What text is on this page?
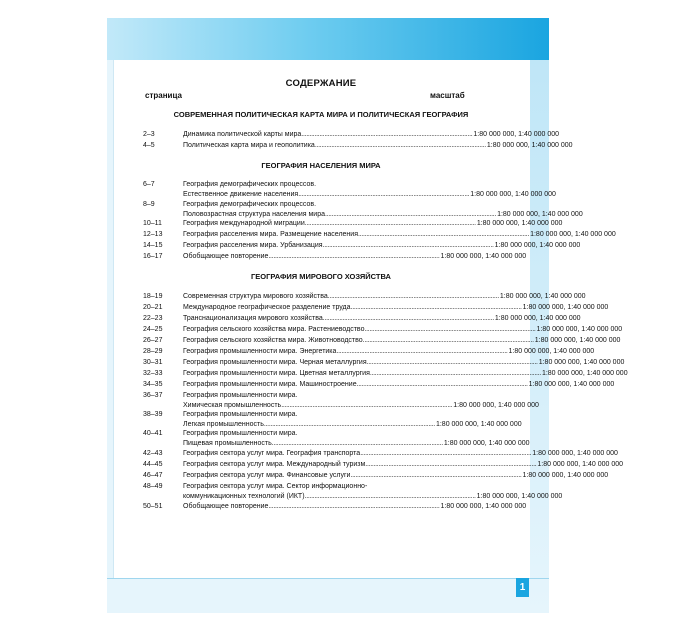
1
СОДЕРЖАНИЕ
страница	масштаб
СОВРЕМЕННАЯ ПОЛИТИЧЕСКАЯ КАРТА МИРА И ПОЛИТИЧЕСКАЯ ГЕОГРАФИЯ
2–3	Динамика политической карты мира ........................................................................................................ 1:80 000 000, 1:40 000 000
4–5	Политическая карта мира и геополитика ........................................................................................................ 1:80 000 000, 1:40 000 000
ГЕОГРАФИЯ НАСЕЛЕНИЯ МИРА
6–7	География демографических процессов.
Естественное движение населения ........................................................................................................ 1:80 000 000, 1:40 000 000
8–9	География демографических процессов.
Половозрастная структура населения мира ........................................................................................................ 1:80 000 000, 1:40 000 000
10–11	География международной миграции ........................................................................................................ 1:80 000 000, 1:40 000 000
12–13	География расселения мира. Размещение населения ........................................................................................................ 1:80 000 000, 1:40 000 000
14–15	География расселения мира. Урбанизация ........................................................................................................ 1:80 000 000, 1:40 000 000
16–17	Обобщающее повторение ........................................................................................................ 1:80 000 000, 1:40 000 000
ГЕОГРАФИЯ МИРОВОГО ХОЗЯЙСТВА
18–19	Современная структура мирового хозяйства ........................................................................................................ 1:80 000 000, 1:40 000 000
20–21	Международное географическое разделение труда ........................................................................................................ 1:80 000 000, 1:40 000 000
22–23	Транснационализация мирового хозяйства ........................................................................................................ 1:80 000 000, 1:40 000 000
24–25	География сельского хозяйства мира. Растениеводство ........................................................................................................ 1:80 000 000, 1:40 000 000
26–27	География сельского хозяйства мира. Животноводство ........................................................................................................ 1:80 000 000, 1:40 000 000
28–29	География промышленности мира. Энергетика ........................................................................................................ 1:80 000 000, 1:40 000 000
30–31	География промышленности мира. Черная металлургия ........................................................................................................ 1:80 000 000, 1:40 000 000
32–33	География промышленности мира. Цветная металлургия ........................................................................................................ 1:80 000 000, 1:40 000 000
34–35	География промышленности мира. Машиностроение ........................................................................................................ 1:80 000 000, 1:40 000 000
36–37	География промышленности мира.
Химическая промышленность ........................................................................................................ 1:80 000 000, 1:40 000 000
38–39	География промышленности мира.
Легкая промышленность ........................................................................................................ 1:80 000 000, 1:40 000 000
40–41	География промышленности мира.
Пищевая промышленность ........................................................................................................ 1:80 000 000, 1:40 000 000
42–43	География сектора услуг мира. География транспорта ........................................................................................................ 1:80 000 000, 1:40 000 000
44–45	География сектора услуг мира. Международный туризм ........................................................................................................ 1:80 000 000, 1:40 000 000
46–47	География сектора услуг мира. Финансовые услуги ........................................................................................................ 1:80 000 000, 1:40 000 000
48–49	География сектора услуг мира. Сектор информационно-
коммуникационных технологий (ИКТ) ........................................................................................................ 1:80 000 000, 1:40 000 000
50–51	Обобщающее повторение ........................................................................................................ 1:80 000 000, 1:40 000 000
